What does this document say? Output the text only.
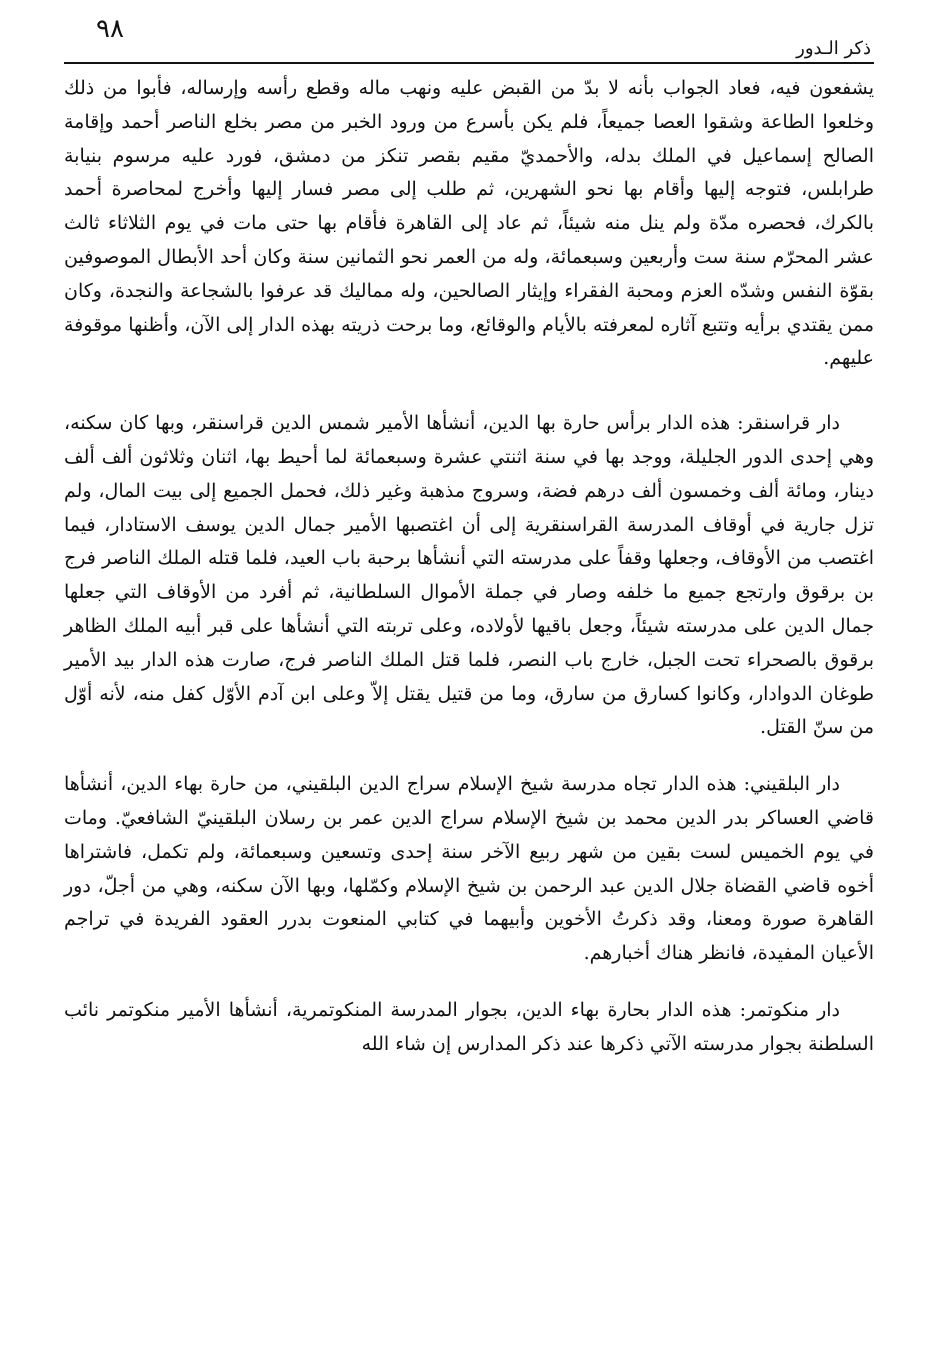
٩٨
ذكر الـدور

يشفعون فيه، فعاد الجواب بأنه لا بدّ من القبض عليه ونهب ماله وقطع رأسه وإرساله، فأبوا من ذلك وخلعوا الطاعة وشقوا العصا جميعاً، فلم يكن بأسرع من ورود الخبر من مصر بخلع الناصر أحمد وإقامة الصالح إسماعيل في الملك بدله، والأحمديّ مقيم بقصر تنكز من دمشق، فورد عليه مرسوم بنيابة طرابلس، فتوجه إليها وأقام بها نحو الشهرين، ثم طلب إلى مصر فسار إليها وأخرج لمحاصرة أحمد بالكرك، فحصره مدّة ولم ينل منه شيئاً، ثم عاد إلى القاهرة فأقام بها حتى مات في يوم الثلاثاء ثالث عشر المحرّم سنة ست وأربعين وسبعمائة، وله من العمر نحو الثمانين سنة وكان أحد الأبطال الموصوفين بقوّة النفس وشدّه العزم ومحبة الفقراء وإيثار الصالحين، وله مماليك قد عرفوا بالشجاعة والنجدة، وكان ممن يقتدي برأيه وتتبع آثاره لمعرفته بالأيام والوقائع، وما برحت ذريته بهذه الدار إلى الآن، وأظنها موقوفة عليهم.

دار قراسنقر: هذه الدار برأس حارة بها الدين، أنشأها الأمير شمس الدين قراسنقر، وبها كان سكنه، وهي إحدى الدور الجليلة، ووجد بها في سنة اثنتي عشرة وسبعمائة لما أحيط بها، اثنان وثلاثون ألف ألف دينار، ومائة ألف وخمسون ألف درهم فضة، وسروج مذهبة وغير ذلك، فحمل الجميع إلى بيت المال، ولم تزل جارية في أوقاف المدرسة القراسنقرية إلى أن اغتصبها الأمير جمال الدين يوسف الاستادار، فيما اغتصب من الأوقاف، وجعلها وقفاً على مدرسته التي أنشأها برحبة باب العيد، فلما قتله الملك الناصر فرج بن برقوق وارتجع جميع ما خلفه وصار في جملة الأموال السلطانية، ثم أفرد من الأوقاف التي جعلها جمال الدين على مدرسته شيئاً، وجعل باقيها لأولاده، وعلى تربته التي أنشأها على قبر أبيه الملك الظاهر برقوق بالصحراء تحت الجبل، خارج باب النصر، فلما قتل الملك الناصر فرج، صارت هذه الدار بيد الأمير طوغان الدوادار، وكانوا كسارق من سارق، وما من قتيل يقتل إلاّ وعلى ابن آدم الأوّل كفل منه، لأنه أوّل من سنّ القتل.

دار البلقيني: هذه الدار تجاه مدرسة شيخ الإسلام سراج الدين البلقيني، من حارة بهاء الدين، أنشأها قاضي العساكر بدر الدين محمد بن شيخ الإسلام سراج الدين عمر بن رسلان البلقينيّ الشافعيّ. ومات في يوم الخميس لست بقين من شهر ربيع الآخر سنة إحدى وتسعين وسبعمائة، ولم تكمل، فاشتراها أخوه قاضي القضاة جلال الدين عبد الرحمن بن شيخ الإسلام وكمّلها، وبها الآن سكنه، وهي من أجلّ، دور القاهرة صورة ومعنا، وقد ذكرتُ الأخوين وأبيهما في كتابي المنعوت بدرر العقود الفريدة في تراجم الأعيان المفيدة، فانظر هناك أخبارهم.

دار منكوتمر: هذه الدار بحارة بهاء الدين، بجوار المدرسة المنكوتمرية، أنشأها الأمير منكوتمر نائب السلطنة بجوار مدرسته الآتي ذكرها عند ذكر المدارس إن شاء الله
